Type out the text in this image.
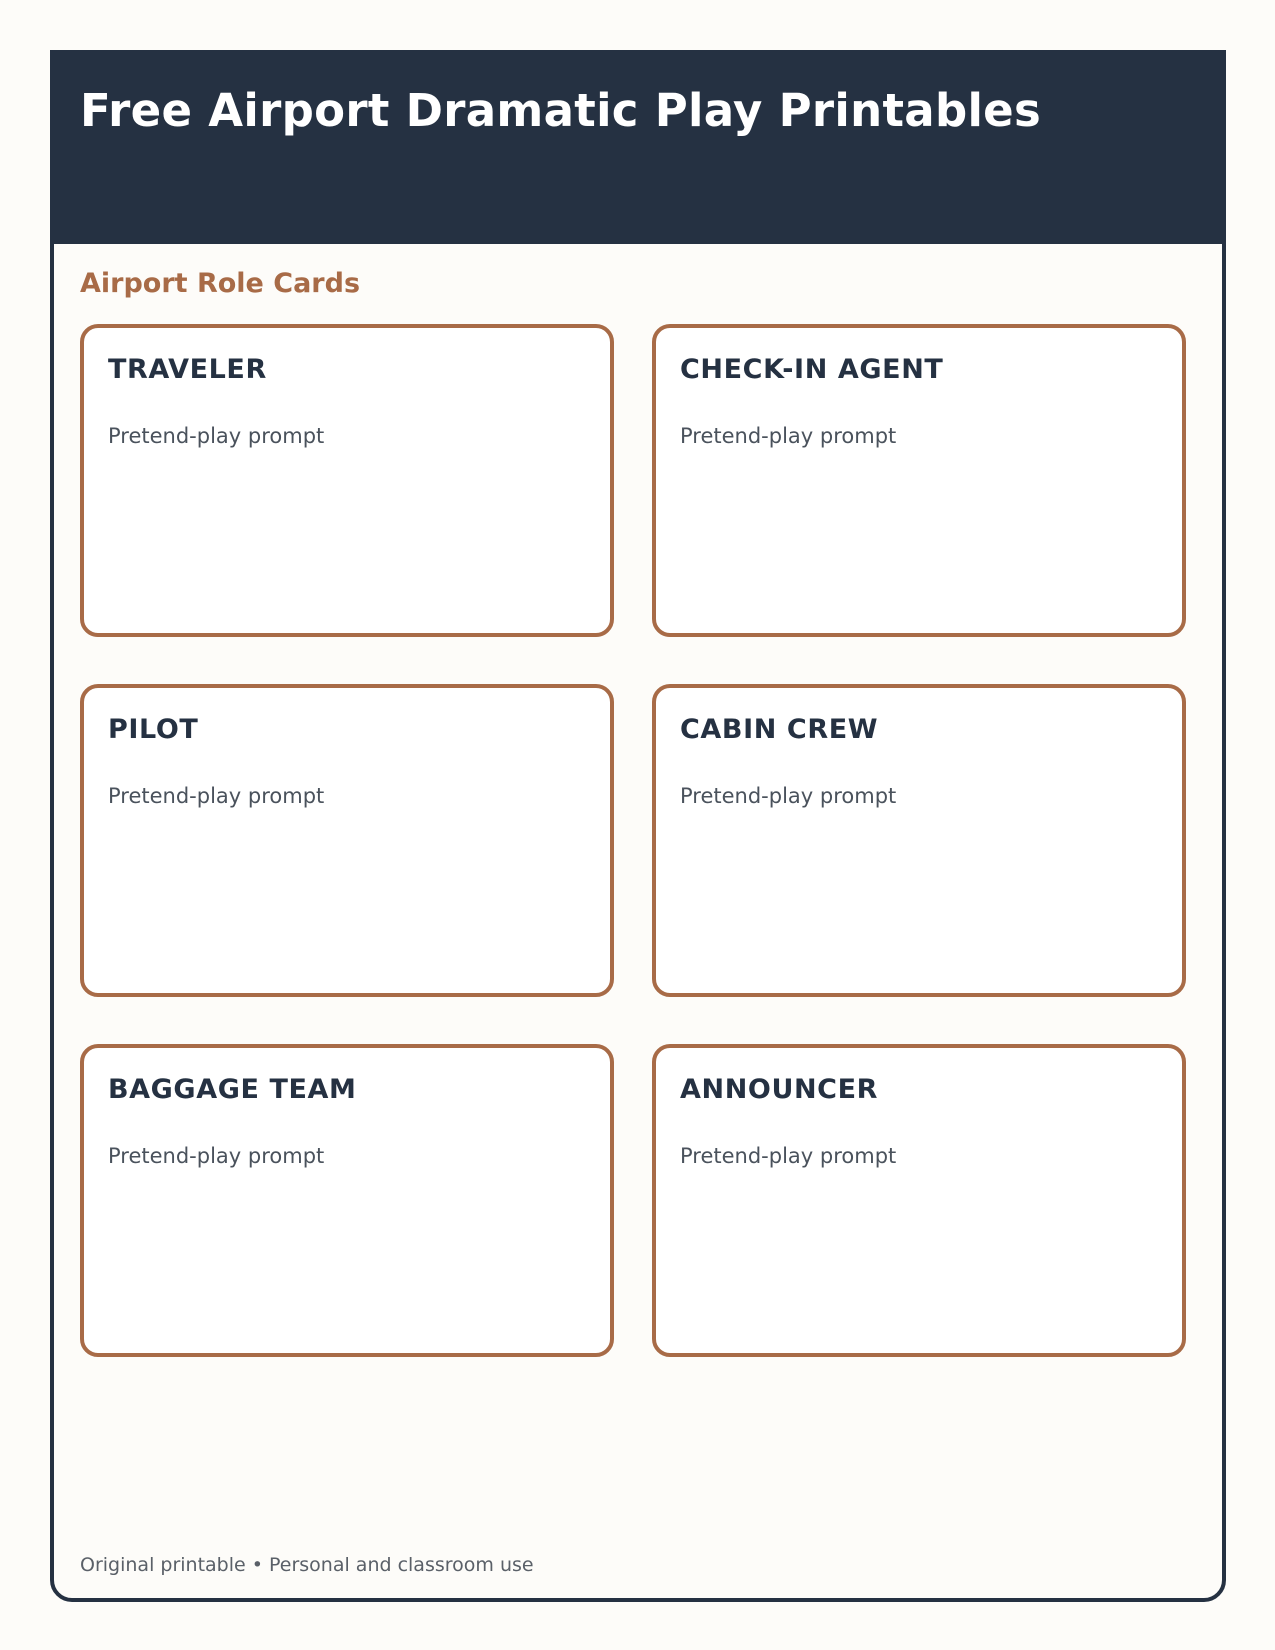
Free Airport Dramatic Play Printables
Airport Role Cards
TRAVELER
Pretend-play prompt
CHECK-IN AGENT
Pretend-play prompt
PILOT
Pretend-play prompt
CABIN CREW
Pretend-play prompt
BAGGAGE TEAM
Pretend-play prompt
ANNOUNCER
Pretend-play prompt
Original printable • Personal and classroom use
